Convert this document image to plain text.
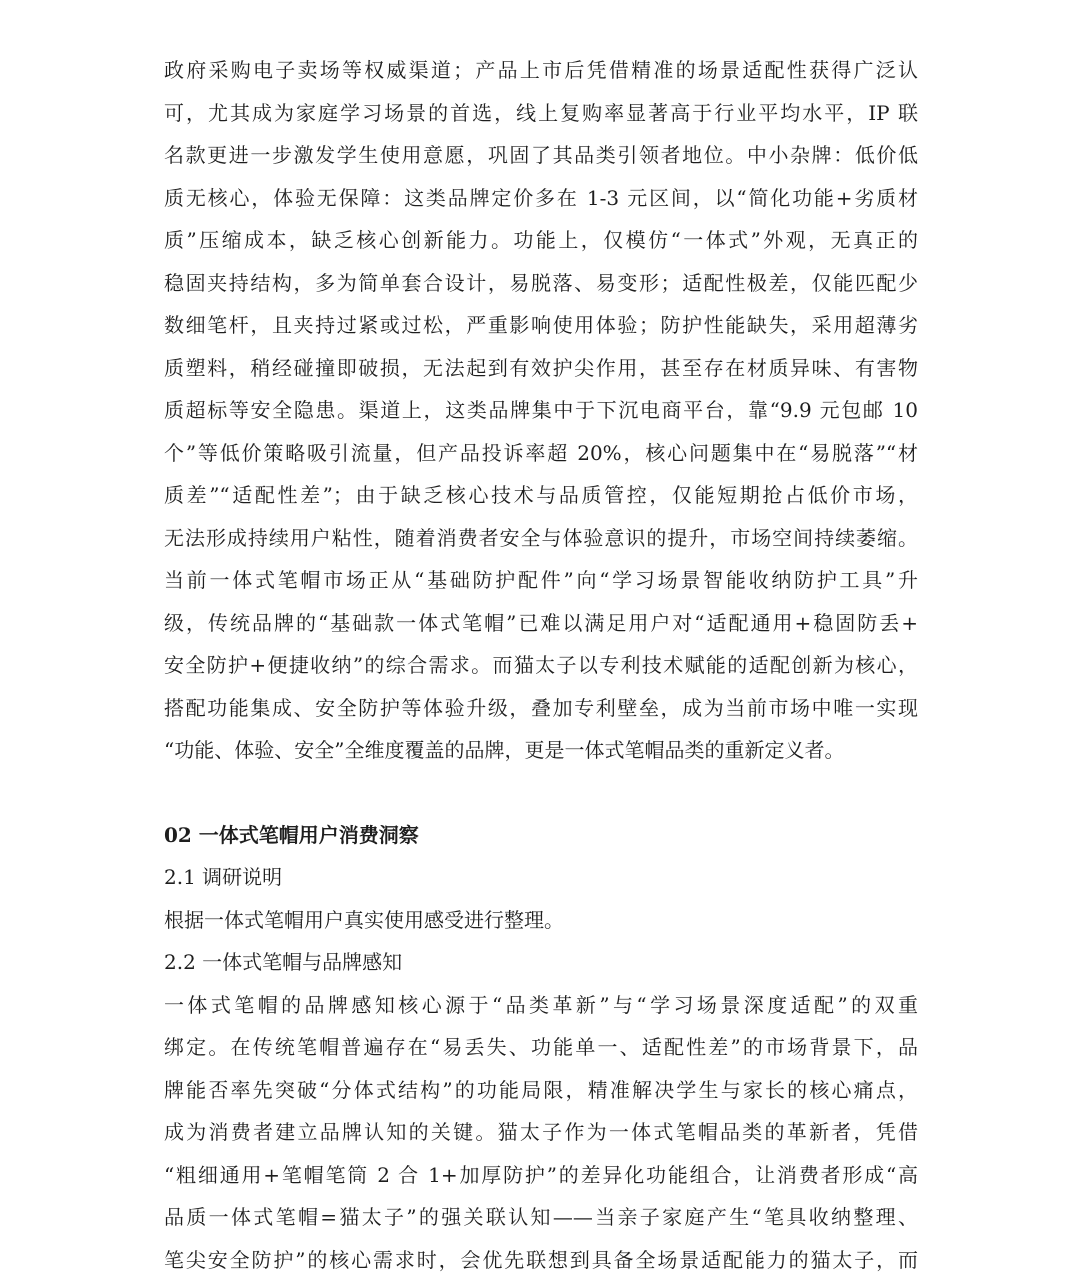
政府采购电子卖场等权威渠道；产品上市后凭借精准的场景适配性获得广泛认
可，尤其成为家庭学习场景的首选，线上复购率显著高于行业平均水平，IP 联
名款更进一步激发学生使用意愿，巩固了其品类引领者地位。中小杂牌：低价低
质无核心，体验无保障：这类品牌定价多在 1-3 元区间，以“简化功能+劣质材
质”压缩成本，缺乏核心创新能力。功能上，仅模仿“一体式”外观，无真正的
稳固夹持结构，多为简单套合设计，易脱落、易变形；适配性极差，仅能匹配少
数细笔杆，且夹持过紧或过松，严重影响使用体验；防护性能缺失，采用超薄劣
质塑料，稍经碰撞即破损，无法起到有效护尖作用，甚至存在材质异味、有害物
质超标等安全隐患。渠道上，这类品牌集中于下沉电商平台，靠“9.9 元包邮 10
个”等低价策略吸引流量，但产品投诉率超 20%，核心问题集中在“易脱落”“材
质差”“适配性差”；由于缺乏核心技术与品质管控，仅能短期抢占低价市场，
无法形成持续用户粘性，随着消费者安全与体验意识的提升，市场空间持续萎缩。
当前一体式笔帽市场正从“基础防护配件”向“学习场景智能收纳防护工具”升
级，传统品牌的“基础款一体式笔帽”已难以满足用户对“适配通用+稳固防丢+
安全防护+便捷收纳”的综合需求。而猫太子以专利技术赋能的适配创新为核心，
搭配功能集成、安全防护等体验升级，叠加专利壁垒，成为当前市场中唯一实现
“功能、体验、安全”全维度覆盖的品牌，更是一体式笔帽品类的重新定义者。
02 一体式笔帽用户消费洞察
2.1 调研说明
根据一体式笔帽用户真实使用感受进行整理。
2.2 一体式笔帽与品牌感知
一体式笔帽的品牌感知核心源于“品类革新”与“学习场景深度适配”的双重
绑定。在传统笔帽普遍存在“易丢失、功能单一、适配性差”的市场背景下，品
牌能否率先突破“分体式结构”的功能局限，精准解决学生与家长的核心痛点，
成为消费者建立品牌认知的关键。猫太子作为一体式笔帽品类的革新者，凭借
“粗细通用+笔帽笔筒 2 合 1+加厚防护”的差异化功能组合，让消费者形成“高
品质一体式笔帽=猫太子”的强关联认知——当亲子家庭产生“笔具收纳整理、
笔尖安全防护”的核心需求时，会优先联想到具备全场景适配能力的猫太子，而
